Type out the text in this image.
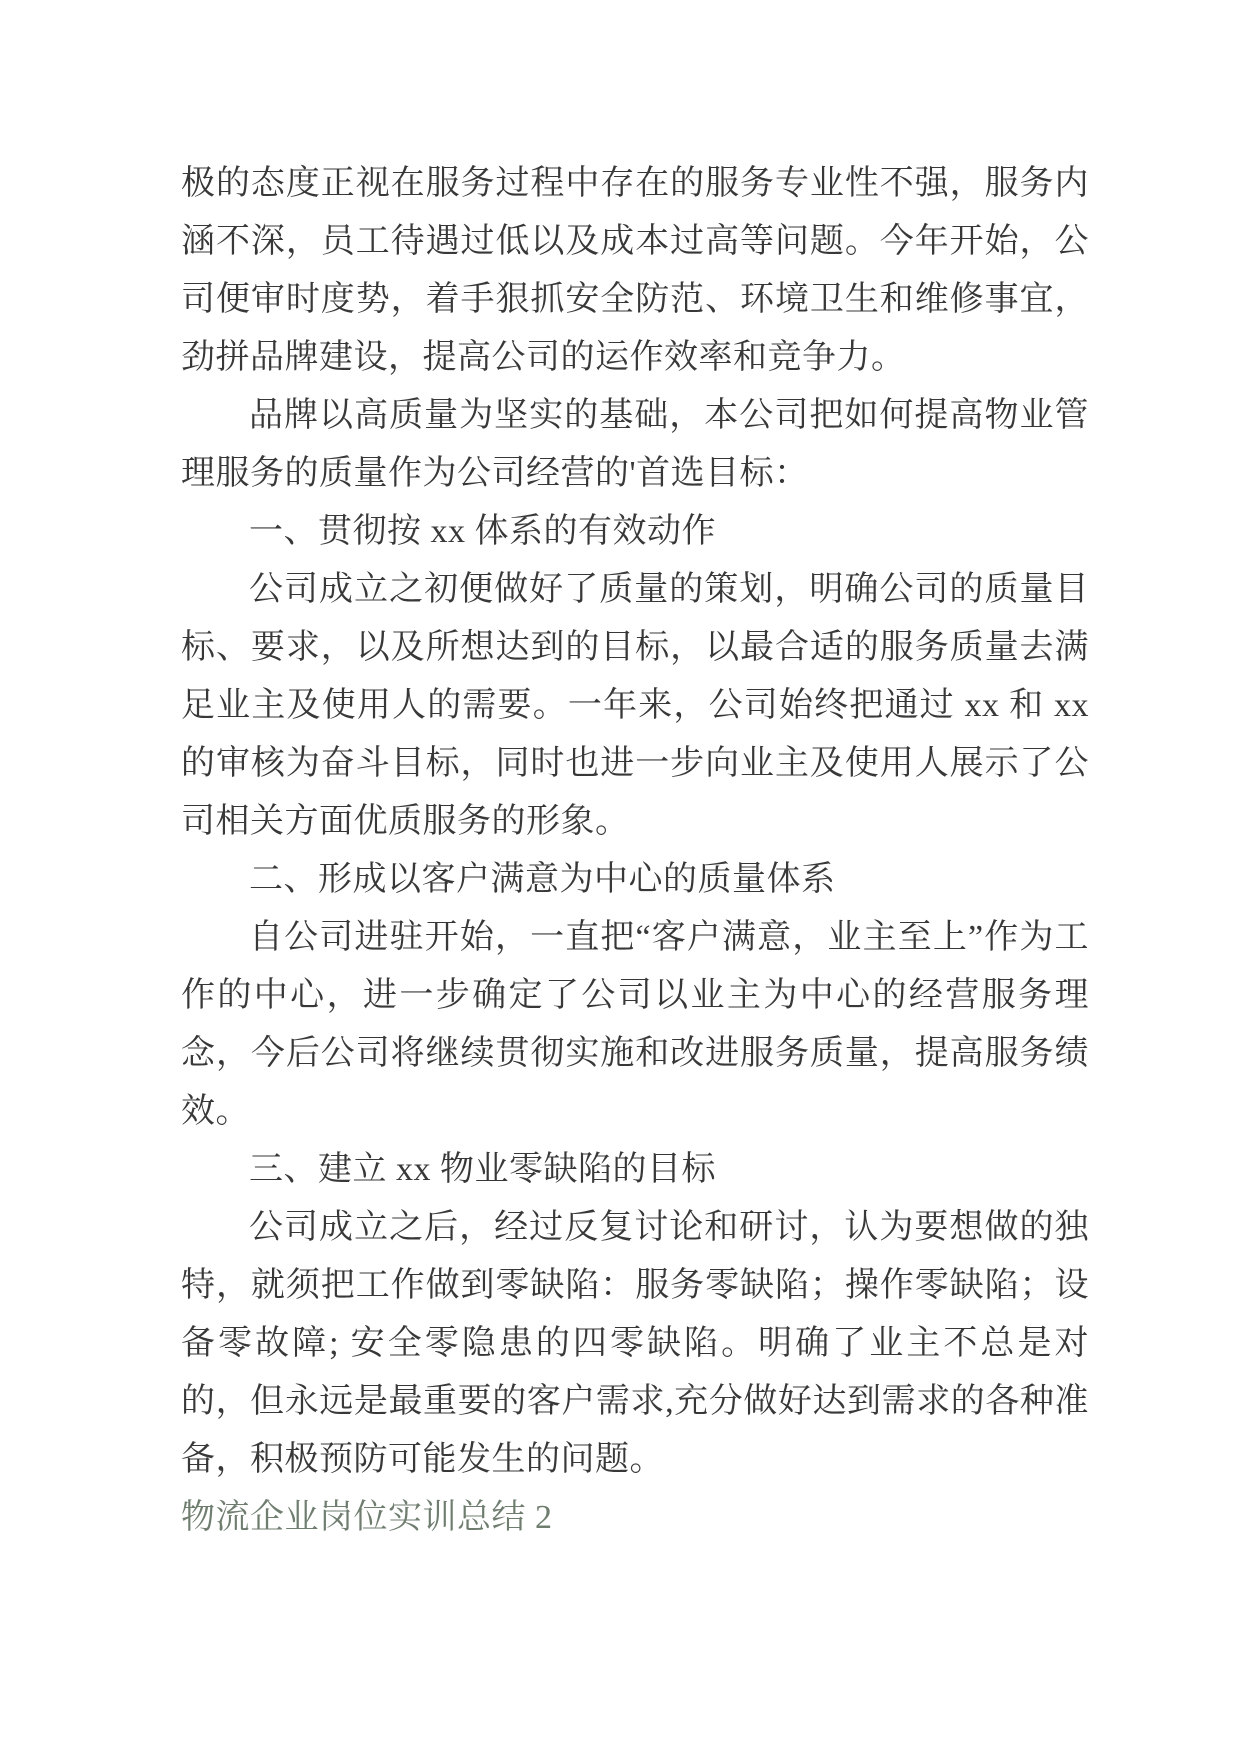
极的态度正视在服务过程中存在的服务专业性不强，服务内涵不深，员工待遇过低以及成本过高等问题。今年开始，公司便审时度势，着手狠抓安全防范、环境卫生和维修事宜，劲拼品牌建设，提高公司的运作效率和竞争力。

品牌以高质量为坚实的基础，本公司把如何提高物业管理服务的质量作为公司经营的'首选目标：

一、贯彻按 xx 体系的有效动作

公司成立之初便做好了质量的策划，明确公司的质量目标、要求，以及所想达到的目标，以最合适的服务质量去满足业主及使用人的需要。一年来，公司始终把通过 xx 和 xx 的审核为奋斗目标，同时也进一步向业主及使用人展示了公司相关方面优质服务的形象。

二、形成以客户满意为中心的质量体系

自公司进驻开始，一直把“客户满意，业主至上”作为工作的中心，进一步确定了公司以业主为中心的经营服务理念，今后公司将继续贯彻实施和改进服务质量，提高服务绩效。

三、建立 xx 物业零缺陷的目标

公司成立之后，经过反复讨论和研讨，认为要想做的独特，就须把工作做到零缺陷：服务零缺陷；操作零缺陷；设备零故障; 安全零隐患的四零缺陷。明确了业主不总是对的，但永远是最重要的客户需求,充分做好达到需求的各种准备，积极预防可能发生的问题。

物流企业岗位实训总结 2
